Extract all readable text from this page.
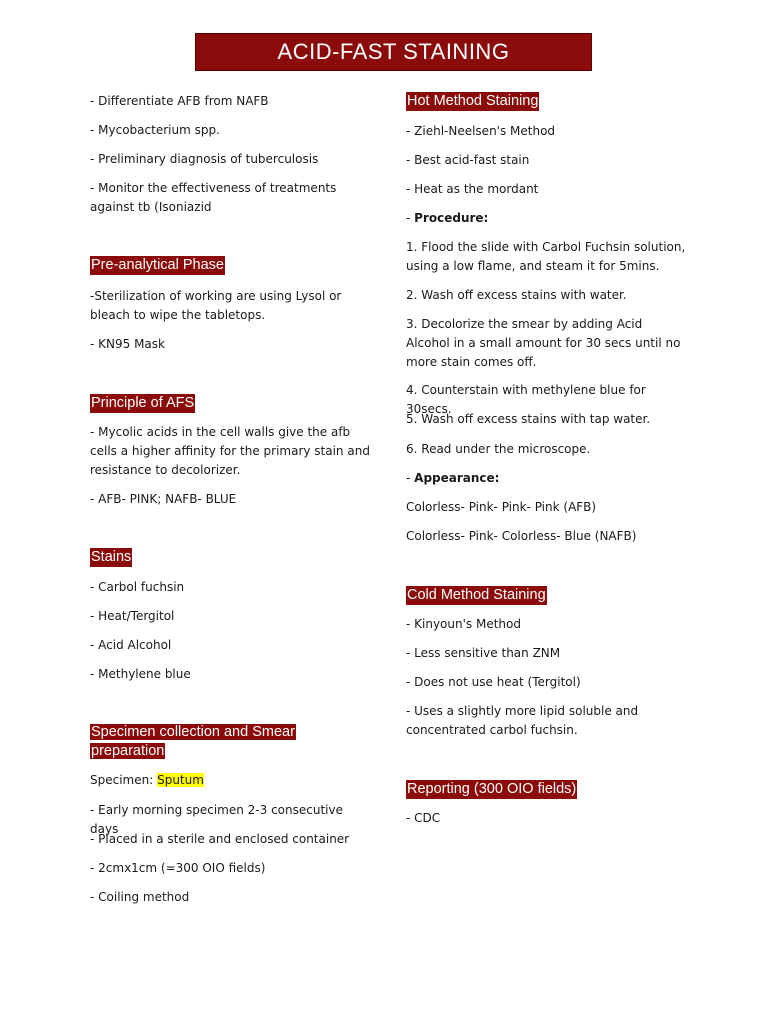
ACID-FAST STAINING
- Differentiate AFB from NAFB
- Mycobacterium spp.
- Preliminary diagnosis of tuberculosis
- Monitor the effectiveness of treatments against tb (Isoniazid
Pre-analytical Phase
-Sterilization of working are using Lysol or bleach to wipe the tabletops.
- KN95 Mask
Principle of AFS
- Mycolic acids in the cell walls give the afb cells a higher affinity for the primary stain and resistance to decolorizer.
- AFB- PINK; NAFB- BLUE
Stains
- Carbol fuchsin
- Heat/Tergitol
- Acid Alcohol
- Methylene blue
Specimen collection and Smear preparation
Specimen: Sputum
- Early morning specimen 2-3 consecutive days
- Placed in a sterile and enclosed container
- 2cmx1cm (=300 OIO fields)
- Coiling method
Hot Method Staining
- Ziehl-Neelsen's Method
- Best acid-fast stain
- Heat as the mordant
- Procedure:
1. Flood the slide with Carbol Fuchsin solution, using a low flame, and steam it for 5mins.
2. Wash off excess stains with water.
3. Decolorize the smear by adding Acid Alcohol in a small amount for 30 secs until no more stain comes off.
4. Counterstain with methylene blue for 30secs.
5. Wash off excess stains with tap water.
6. Read under the microscope.
- Appearance:
Colorless- Pink- Pink- Pink (AFB)
Colorless- Pink- Colorless- Blue (NAFB)
Cold Method Staining
- Kinyoun's Method
- Less sensitive than ZNM
- Does not use heat (Tergitol)
- Uses a slightly more lipid soluble and concentrated carbol fuchsin.
Reporting (300 OIO fields)
- CDC
